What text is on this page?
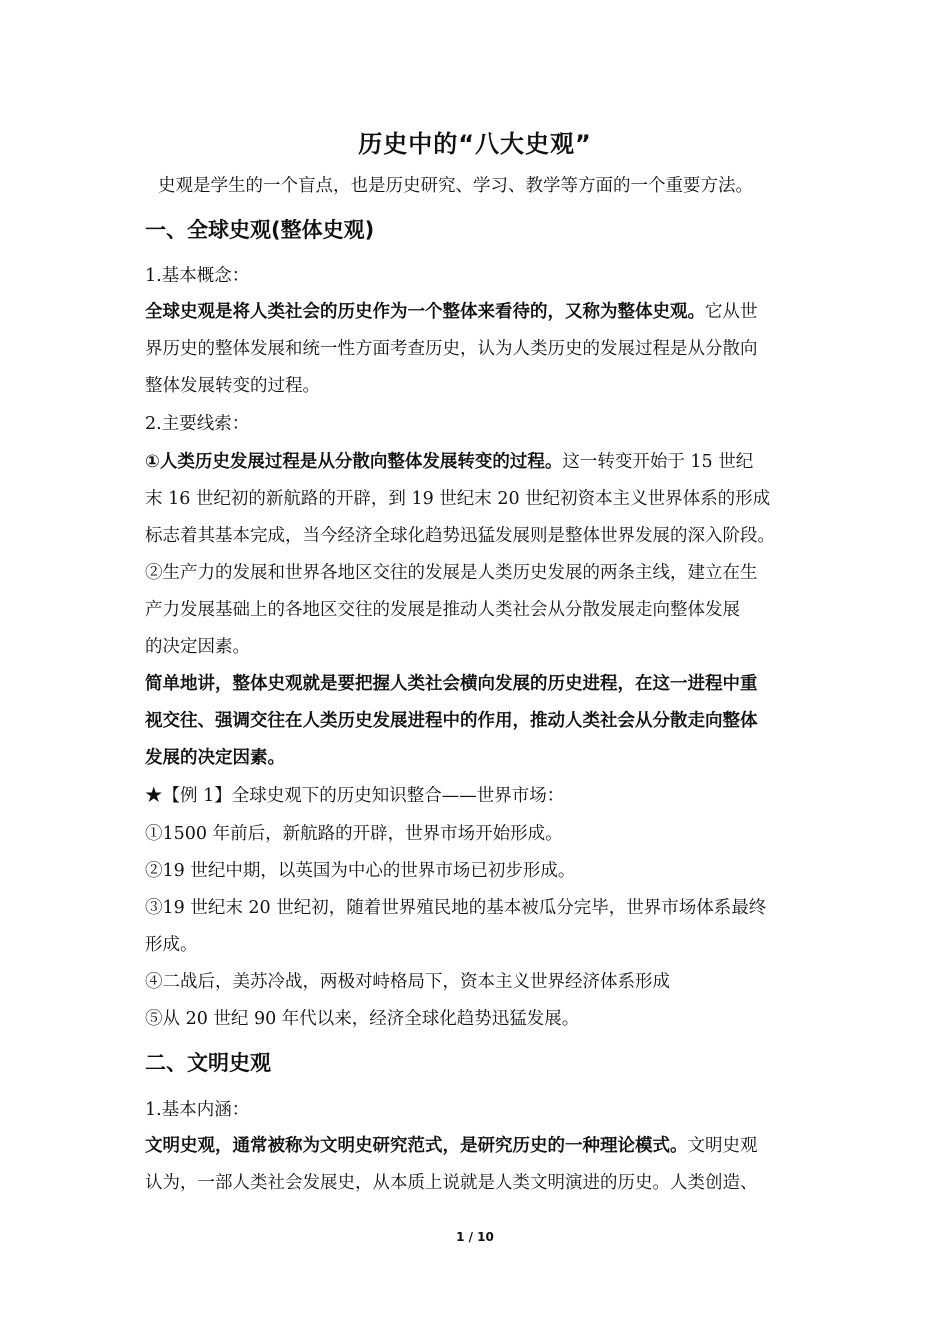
历史中的“八大史观”
史观是学生的一个盲点，也是历史研究、学习、教学等方面的一个重要方法。
一、全球史观(整体史观)
1.基本概念：
全球史观是将人类社会的历史作为一个整体来看待的，又称为整体史观。它从世
界历史的整体发展和统一性方面考查历史，认为人类历史的发展过程是从分散向
整体发展转变的过程。
2.主要线索：
①人类历史发展过程是从分散向整体发展转变的过程。这一转变开始于 15 世纪
末 16 世纪初的新航路的开辟，到 19 世纪末 20 世纪初资本主义世界体系的形成
标志着其基本完成，当今经济全球化趋势迅猛发展则是整体世界发展的深入阶段。
②生产力的发展和世界各地区交往的发展是人类历史发展的两条主线，建立在生
产力发展基础上的各地区交往的发展是推动人类社会从分散发展走向整体发展
的决定因素。
简单地讲，整体史观就是要把握人类社会横向发展的历史进程，在这一进程中重
视交往、强调交往在人类历史发展进程中的作用，推动人类社会从分散走向整体
发展的决定因素。
★【例 1】全球史观下的历史知识整合——世界市场：
①1500 年前后，新航路的开辟，世界市场开始形成。
②19 世纪中期，以英国为中心的世界市场已初步形成。
③19 世纪末 20 世纪初，随着世界殖民地的基本被瓜分完毕，世界市场体系最终
形成。
④二战后，美苏冷战，两极对峙格局下，资本主义世界经济体系形成
⑤从 20 世纪 90 年代以来，经济全球化趋势迅猛发展。
二、文明史观
1.基本内涵：
文明史观，通常被称为文明史研究范式，是研究历史的一种理论模式。文明史观
认为，一部人类社会发展史，从本质上说就是人类文明演进的历史。人类创造、
1 / 10
